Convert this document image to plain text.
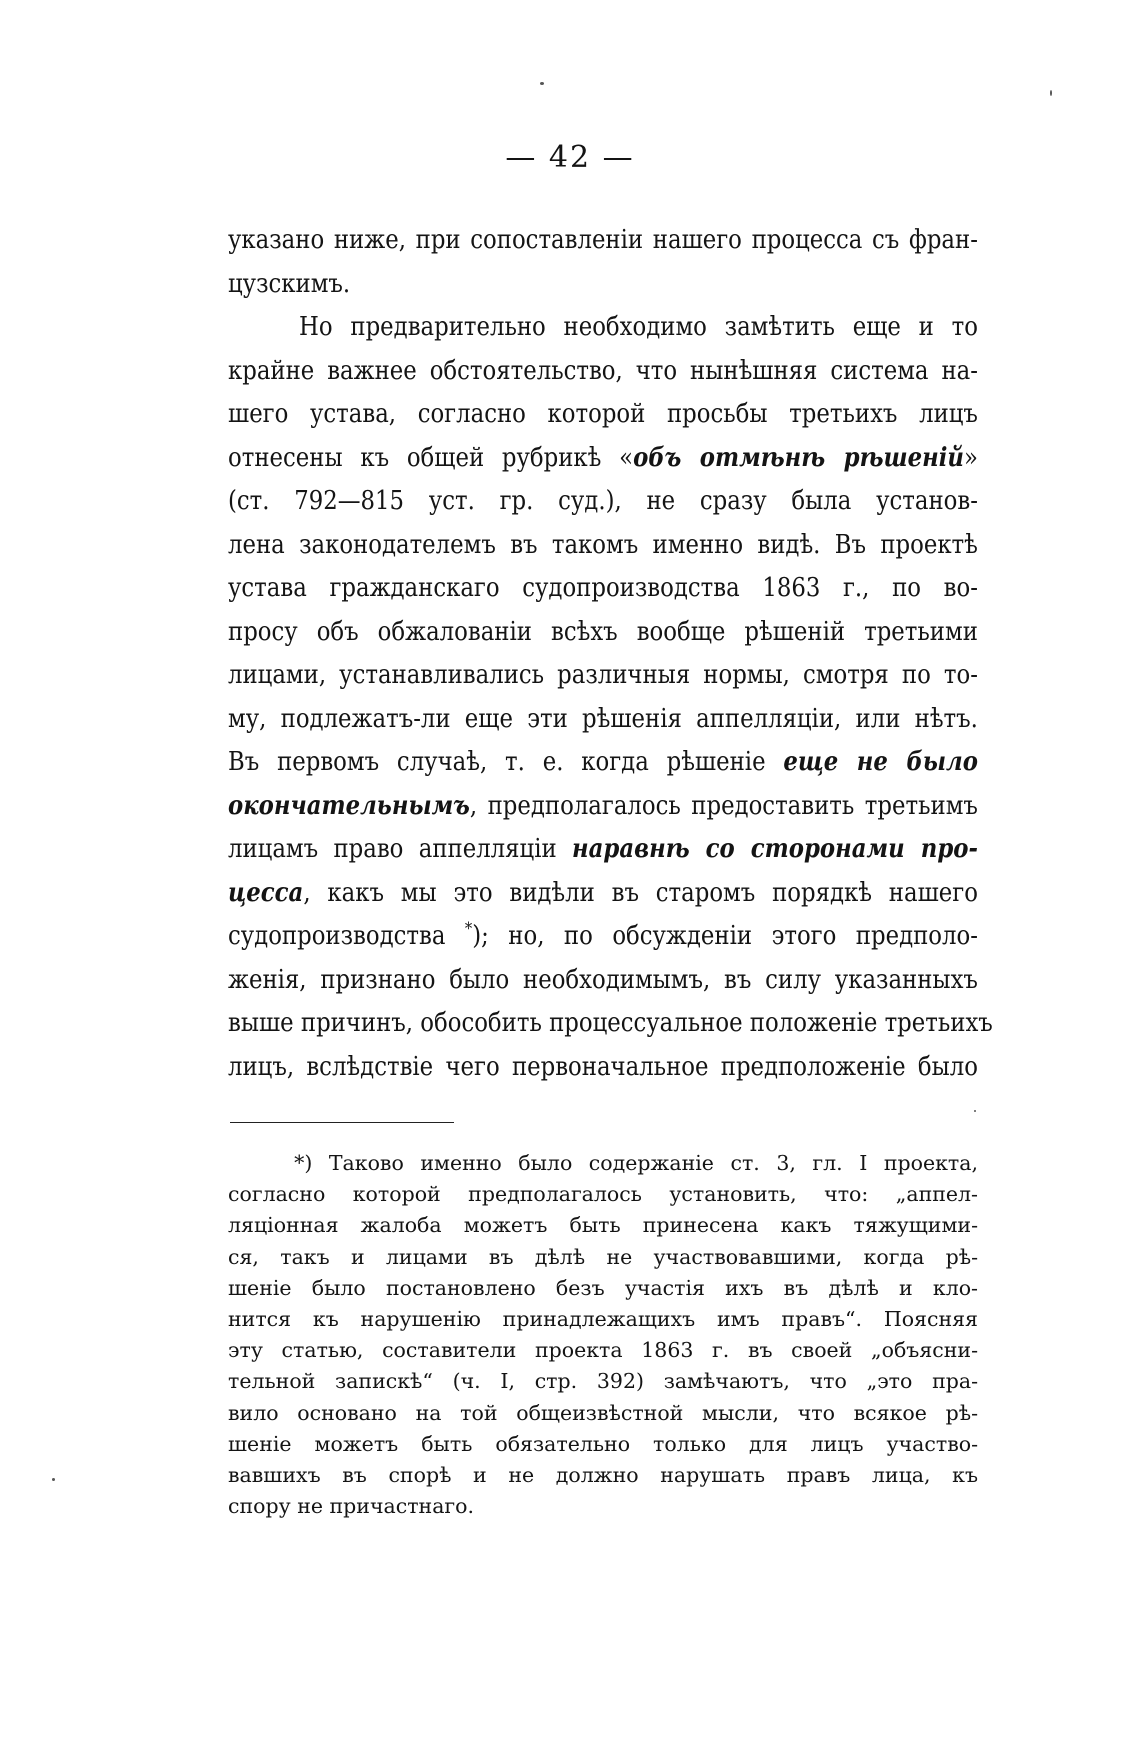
— 42 —
указано ниже, при сопоставленіи нашего процесса съ фран-
цузскимъ.
Но предварительно необходимо замѣтить еще и то
крайне важнее обстоятельство, что нынѣшняя система на-
шего устава, согласно которой просьбы третьихъ лицъ
отнесены къ общей рубрикѣ «объ отмѣнѣ рѣшеній»
(ст. 792—815 уст. гр. суд.), не сразу была установ-
лена законодателемъ въ такомъ именно видѣ. Въ проектѣ
устава гражданскаго судопроизводства 1863 г., по во-
просу объ обжалованіи всѣхъ вообще рѣшеній третьими
лицами, устанавливались различныя нормы, смотря по то-
му, подлежатъ-ли еще эти рѣшенія аппелляціи, или нѣтъ.
Въ первомъ случаѣ, т. е. когда рѣшеніе еще не было
окончательнымъ, предполагалось предоставить третьимъ
лицамъ право аппелляціи наравнѣ со сторонами про-
цесса, какъ мы это видѣли въ старомъ порядкѣ нашего
судопроизводства *); но, по обсужденіи этого предполо-
женія, признано было необходимымъ, въ силу указанныхъ
выше причинъ, обособить процессуальное положеніе третьихъ
лицъ, вслѣдствіе чего первоначальное предположеніе было
*) Таково именно было содержаніе ст. 3, гл. I проекта,
согласно которой предполагалось установить, что: „аппел-
ляціонная жалоба можетъ быть принесена какъ тяжущими-
ся, такъ и лицами въ дѣлѣ не участвовавшими, когда рѣ-
шеніе было постановлено безъ участія ихъ въ дѣлѣ и кло-
нится къ нарушенію принадлежащихъ имъ правъ“. Поясняя
эту статью, составители проекта 1863 г. въ своей „объясни-
тельной запискѣ“ (ч. I, стр. 392) замѣчаютъ, что „это пра-
вило основано на той общеизвѣстной мысли, что всякое рѣ-
шеніе можетъ быть обязательно только для лицъ участво-
вавшихъ въ спорѣ и не должно нарушать правъ лица, къ
спору не причастнаго.
